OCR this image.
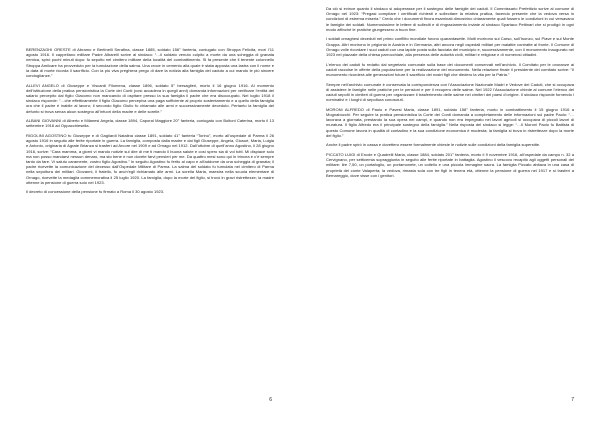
BERENZAGHI ORESTE di Abramo e Bertinelli Serafina, classe 1885, soldato 156° fanteria, coniugato con Stroppa Felicita, morì l’11 agosto 1916. Il cappellano militare Padre Albarelli scrive al sindaco: “…il soldato venuto colpito a morte da una scheggia di granata nemica, spirò pochi minuti dopo: fu sepolto nel cimitero militare della località del combattimento. Si fa presente che il tenente colonnello Stroppa Amilcare ha provveduto per la tumulazione della salma. Una croce in cemento alla quale è stata apposta una lastra con il nome e la data di morte ricorda il sacrificio. Con la più viva preghiera prego di dare la notizia alla famiglia del caduto a cui mando le più sincere condoglianze.”

ALLEVI ANGELO di Giuseppe e Viscardi Filomena, classe 1896, soldato 5° bersaglieri, morto il 16 giugno 1916. Al momento dell’istituzione della pratica pensionistica la Corte dei Conti (così accadeva in quegli anni) domanda informazioni per verificare l’entità del salario percepito dal figlio Giacomo non mancando di ospitare presso la sua famiglia il padre che era disoccupato. Nel luglio 1918 il sindaco risponde: “…che effettivamente il figlio Giacomo percepiva una paga sufficiente al proprio sostentamento e a quello della famiglia ora che il padre è inabile al lavoro; il secondo figlio Giulio fu chiamato alle armi e successivamente deceduto. Pertanto la famiglia del defunto si trova senza alcun sostegno all’infuori della madre e delle sorelle.”

ALBANI GIOVANNI di Alberto e Milanesi Angela, classe 1894, Caporal Maggiore 20° fanteria, coniugato con Boltoni Caterina, morto il 13 settembre 1916 ad Oppacchiesella.

RIGOLINI AGOSTINO fu Giuseppe e di Gagliardi Natalina classe 1891, soldato 41° fanteria “Torino”, morto all’ospedale di Parma il 26 agosto 1916 in seguito alle ferite riportate in guerra. La famiglia, composta dalla madre e dai figli Giuseppe, Angela, Giosuè, Maria, Luigia e Antonio, originaria di Agrate Brianza si trasferì ad Arcore nel 1909 e ad Ornago nel 1912. Dall’ottobre di quell’anno Agostino, il 28 giugno 1916, scrive: “Cara mamma, a giorni vi mando notizie sul dire di me ti mando il buona salute e così spero sia di voi tutti. Mi dispiace solo ma non posso mandarvi nessun denaro, ma sto bene e non dovete farvi pensieri per me. Da quattro mesi sono qui in trincea e c’è sempre tanto da fare. Vi saluto caramente, vostro figlio Agostino.” In seguito Agostino fu ferito al capo e all’addome da una scheggia di granata; il padre ricevette la comunicazione del decesso dall’Ospedale Militare di Parma. La salma del soldato fu tumulata nel cimitero di Parma nella sepoltura dei militari. Giovanni, il fratello, fu anch’egli richiamato alle armi. La sorella Maria, maestra nella scuola elementare di Ornago, ricevette la medaglia commemorativa il 25 luglio 1920. La famiglia, dopo la morte del figlio, si trovò in gravi ristrettezze; la madre ottenne la pensione di guerra solo nel 1923.

Il decreto di concessione della pensione fu firmato a Roma il 30 agosto 1923.

6

Da ciò si evince quanto il sindaco si adoperasse per il sostegno delle famiglie dei caduti. Il Commissario Prefettizio scrive al comune di Ornago nel 1923: “Pregasi compilare i certificati richiesti e sollecitare la relativa pratica, facendo presente che la vedova versa in condizioni di estrema miseria.” Credo che i documenti finora esaminati dimostrino chiaramente quali fossero le condizioni in cui versavano le famiglie dei soldati. Numerosissime le lettere di solleciti e di ringraziamento inviate al sindaco Spartaco Pettinari che si prodigò in ogni modo affinché le pratiche giungessero a buon fine.

I soldati ornaghesi deceduti nel primo conflitto mondiale furono quarantasette. Molti morirono sul Carso, sull’Isonzo, sul Piave e sul Monte Grappa. Altri morirono in prigionia in Austria e in Germania, altri ancora negli ospedali militari per malattie contratte al fronte. Il Comune di Ornago volle ricordare i suoi caduti con una lapide posta sulla facciata del municipio e, successivamente, con il monumento inaugurato nel 1923 nel piazzale della chiesa parrocchiale, alla presenza delle autorità civili, militari e religiose e di numerosi cittadini.

L’elenco dei caduti fu redatto dal segretario comunale sulla base dei documenti conservati nell’archivio. Il Comitato per le onoranze ai caduti raccolse le offerte della popolazione per la realizzazione del monumento. Nella relazione finale il presidente del comitato scrive: “Il monumento ricorderà alle generazioni future il sacrificio dei nostri figli che diedero la vita per la Patria.”

Sempre nell’archivio comunale è conservata la corrispondenza con l’Associazione Nazionale Madri e Vedove dei Caduti, che si occupava di assistere le famiglie nelle pratiche per le pensioni e per il recupero delle salme. Nel 1922 l’Associazione chiede al comune l’elenco dei caduti sepolti in cimiteri di guerra per organizzare il trasferimento delle salme nei cimiteri dei paesi d’origine. Il sindaco risponde fornendo i nominativi e i luoghi di sepoltura conosciuti.

MORONI ALFREDO di Paolo e Pavesi Maria, classe 1891, soldato 158° fanteria, morto in combattimento il 15 giugno 1916 a Mognabocchi. Per seguire la pratica pensionistica la Corte dei Conti domanda a completamento delle informazioni sul padre Paolo: “…lavorava a giornata, prestando la sua opera nei campi, e quando non era impegnato nei lavori agricoli si occupava di piccoli lavori di muratura. Il figlio Alfredo era il principale sostegno della famiglia.” Nella risposta del sindaco si legge: “…Il Moroni Paolo fu Battista di questo Comune lavora in qualità di contadino e la sua condizione economica è modesta; la famiglia si trova in ristrettezze dopo la morte del figlio.”

Anche il padre spirò in cassa e dovettero essere formalmente chieste le notizie sulle condizioni della famiglia superstite.

PICCATO LUIGI di Ercole e Quadrelli Maria, classe 1884, soldato 201° fanteria, morto il 9 novembre 1916, all’ospedale da campo n. 32 a Cervignano, per setticemia sopraggiunta in seguito alle ferite riportate in battaglia. Agostino il vescovo recapitò agli oggetti personali del militare: lire 7,50, un portafoglio, un portamonete, un coltello e una piccola immagine sacra. La famiglia Piccato abitava in una casa di proprietà del conte Valaperta; la vedova, rimasta sola con tre figli in tenera età, ottenne la pensione di guerra nel 1917 e si trasferì a Bernareggio, dove visse con i genitori.

7
